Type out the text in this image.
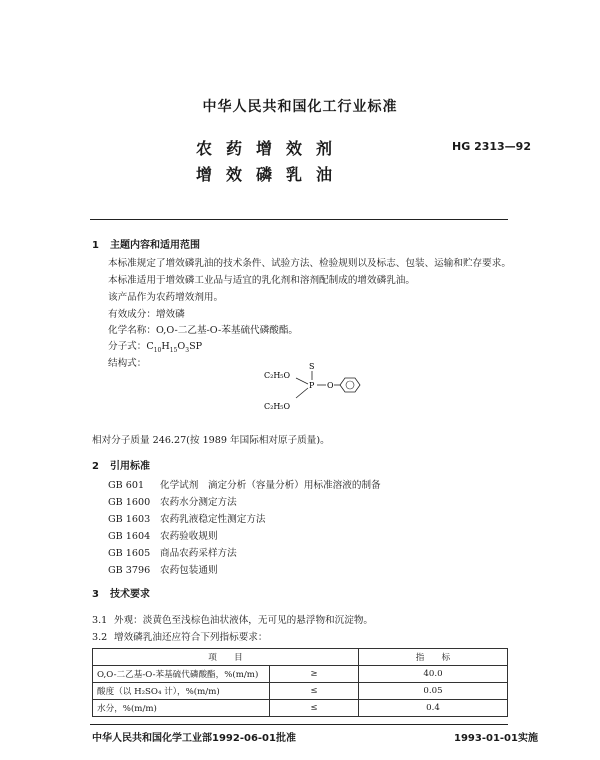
中华人民共和国化工行业标准
农药增效剂
增效磷乳油
HG 2313—92
1 主题内容和适用范围
本标准规定了增效磷乳油的技术条件、试验方法、检验规则以及标志、包装、运输和贮存要求。
本标准适用于增效磷工业品与适宜的乳化剂和溶剂配制成的增效磷乳油。
该产品作为农药增效剂用。
有效成分：增效磷
化学名称：O,O-二乙基-O-苯基硫代磷酸酯。
分子式：$C_{10}H_{15}O_3SP$
结构式：
C₂H₅O
S
P O
C₂H₅O
相对分子质量 246.27(按 1989 年国际相对原子质量)。
2 引用标准
GB 601 化学试剂　滴定分析（容量分析）用标准溶液的制备
GB 1600 农药水分测定方法
GB 1603 农药乳液稳定性测定方法
GB 1604 农药验收规则
GB 1605 商品农药采样方法
GB 3796 农药包装通则
3 技术要求
3.1 外观：淡黄色至浅棕色油状液体，无可见的悬浮物和沉淀物。
3.2 增效磷乳油还应符合下列指标要求：
项　　目		指　　标
O,O-二乙基-O-苯基硫代磷酸酯，%(m/m)	≥	40.0
酸度（以 H₂SO₄ 计），%(m/m)	≤	0.05
水分，%(m/m)	≤	0.4
中华人民共和国化学工业部1992-06-01批准	1993-01-01实施
